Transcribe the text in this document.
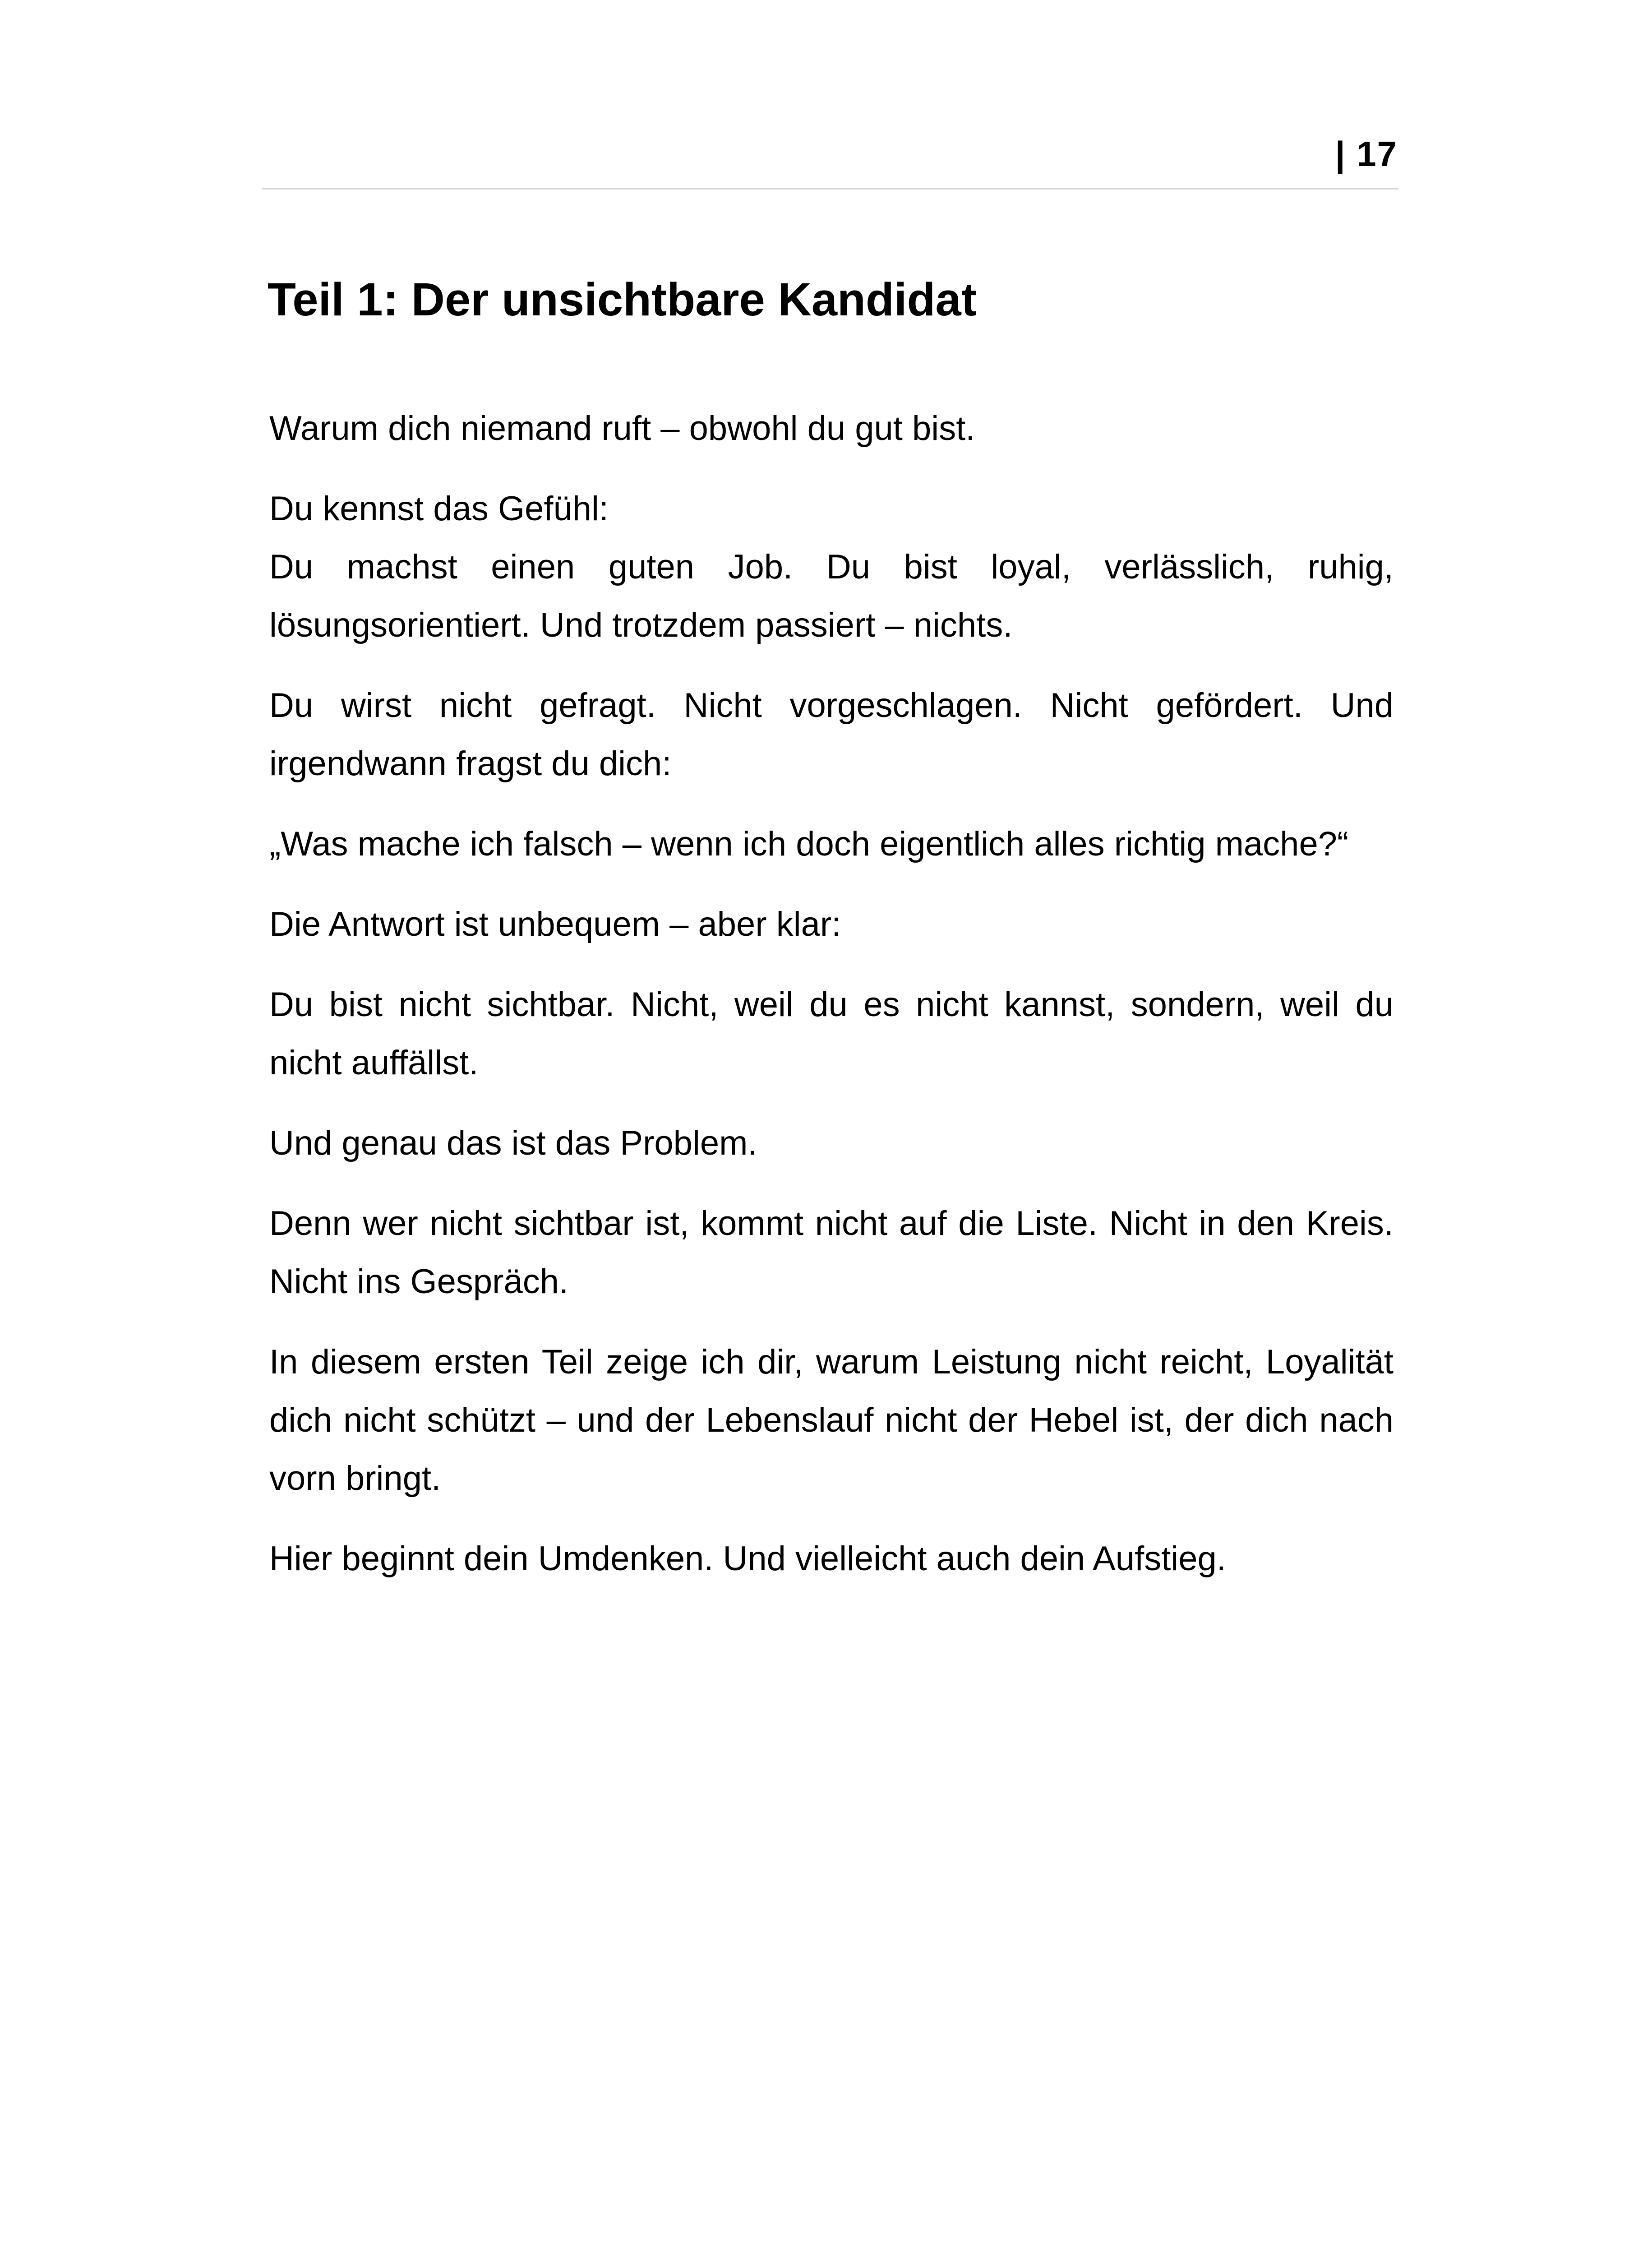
| 17
Teil 1: Der unsichtbare Kandidat

Warum dich niemand ruft – obwohl du gut bist.

Du kennst das Gefühl:

Du machst einen guten Job. Du bist loyal, verlässlich, ruhig, lösungsorientiert. Und trotzdem passiert – nichts.

Du wirst nicht gefragt. Nicht vorgeschlagen. Nicht gefördert. Und irgendwann fragst du dich:

„Was mache ich falsch – wenn ich doch eigentlich alles richtig mache?“

Die Antwort ist unbequem – aber klar:

Du bist nicht sichtbar. Nicht, weil du es nicht kannst, sondern, weil du nicht auffällst.

Und genau das ist das Problem.

Denn wer nicht sichtbar ist, kommt nicht auf die Liste. Nicht in den Kreis. Nicht ins Gespräch.

In diesem ersten Teil zeige ich dir, warum Leistung nicht reicht, Loyalität dich nicht schützt – und der Lebenslauf nicht der Hebel ist, der dich nach vorn bringt.

Hier beginnt dein Umdenken. Und vielleicht auch dein Aufstieg.
